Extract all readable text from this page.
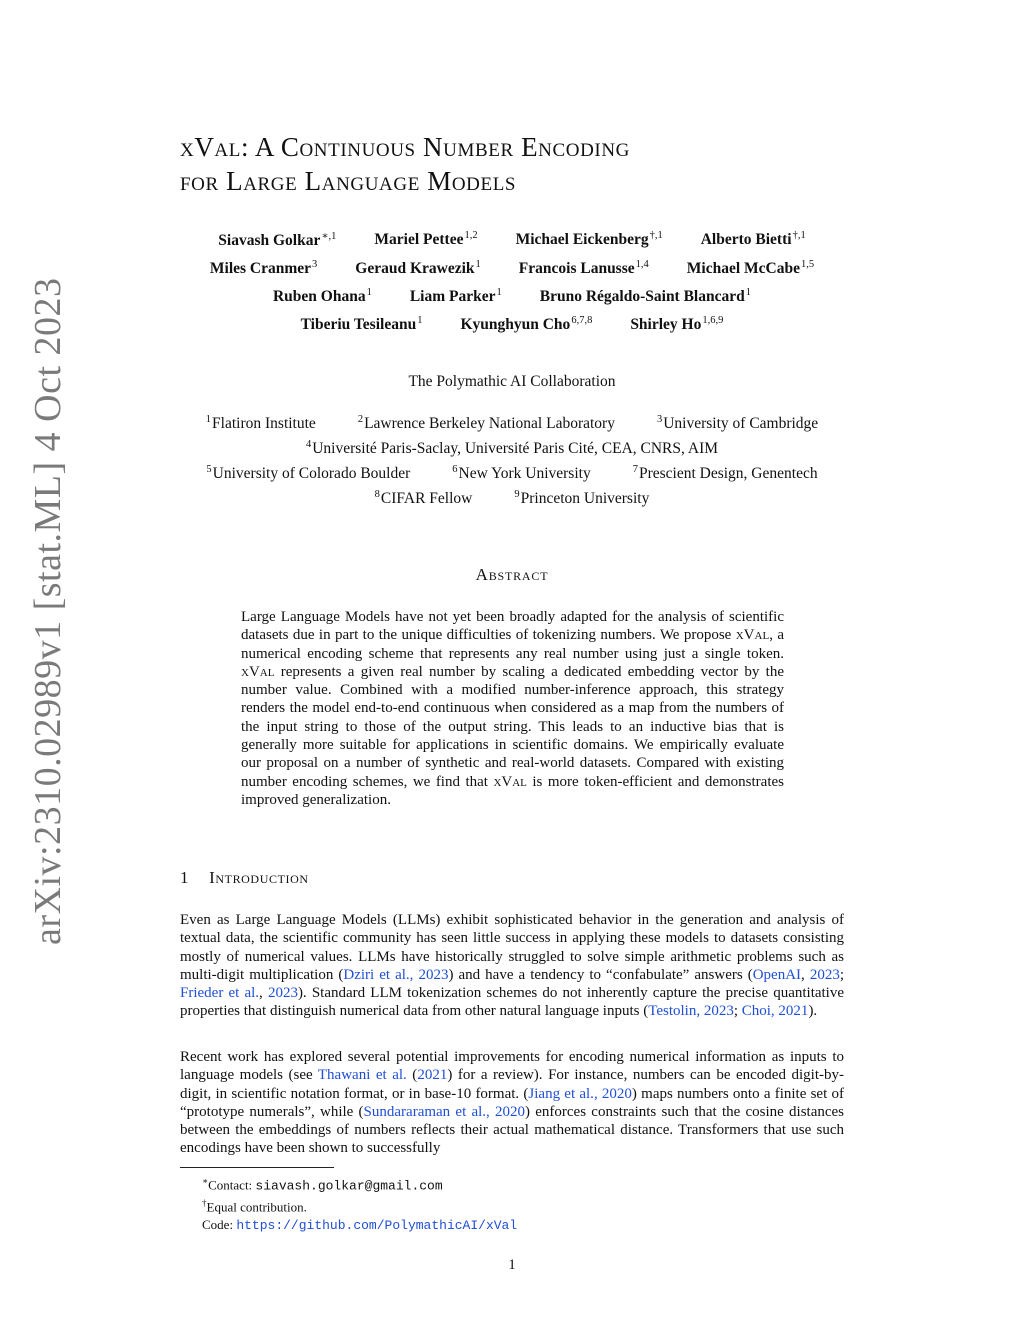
arXiv:2310.02989v1 [stat.ML] 4 Oct 2023
xVal: A Continuous Number Encoding
for Large Language Models
Siavash Golkar$^{∗,1}$ Mariel Pettee$^{1,2}$ Michael Eickenberg$^{\dagger,1}$ Alberto Bietti$^{\dagger,1}$
Miles Cranmer$^3$ Geraud Krawezik$^1$ Francois Lanusse$^{1,4}$ Michael McCabe$^{1,5}$
Ruben Ohana$^1$ Liam Parker$^1$ Bruno Régaldo-Saint Blancard$^1$
Tiberiu Tesileanu$^1$ Kyunghyun Cho$^{6,7,8}$ Shirley Ho$^{1,6,9}$
The Polymathic AI Collaboration
$^1$Flatiron Institute	$^2$Lawrence Berkeley National Laboratory	$^3$University of Cambridge
$^4$Université Paris-Saclay, Université Paris Cité, CEA, CNRS, AIM
$^5$University of Colorado Boulder	$^6$New York University	$^7$Prescient Design, Genentech
$^8$CIFAR Fellow	$^9$Princeton University
Abstract

Large Language Models have not yet been broadly adapted for the analysis of scientific datasets due in part to the unique difficulties of tokenizing numbers. We propose xVal, a numerical encoding scheme that represents any real number using just a single token. xVal represents a given real number by scaling a dedicated embedding vector by the number value. Combined with a modified number-inference approach, this strategy renders the model end-to-end continuous when considered as a map from the numbers of the input string to those of the output string. This leads to an inductive bias that is generally more suitable for applications in scientific domains. We empirically evaluate our proposal on a number of synthetic and real-world datasets. Compared with existing number encoding schemes, we find that xVal is more token-efficient and demonstrates improved generalization.

1 Introduction

Even as Large Language Models (LLMs) exhibit sophisticated behavior in the generation and analysis of textual data, the scientific community has seen little success in applying these models to datasets consisting mostly of numerical values. LLMs have historically struggled to solve simple arithmetic problems such as multi-digit multiplication (Dziri et al., 2023) and have a tendency to “confabulate” answers (OpenAI, 2023; Frieder et al., 2023). Standard LLM tokenization schemes do not inherently capture the precise quantitative properties that distinguish numerical data from other natural language inputs (Testolin, 2023; Choi, 2021).

Recent work has explored several potential improvements for encoding numerical information as inputs to language models (see Thawani et al. (2021) for a review). For instance, numbers can be encoded digit-by-digit, in scientific notation format, or in base-10 format. (Jiang et al., 2020) maps numbers onto a finite set of “prototype numerals”, while (Sundararaman et al., 2020) enforces constraints such that the cosine distances between the embeddings of numbers reflects their actual mathematical distance. Transformers that use such encodings have been shown to successfully

∗Contact: siavash.golkar@gmail.com
†Equal contribution.
Code: https://github.com/PolymathicAI/xVal
1
